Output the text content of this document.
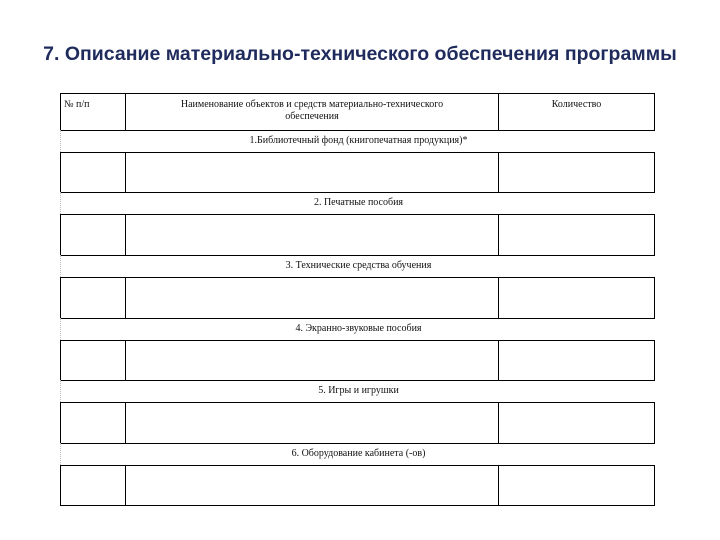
7. Описание материально-технического обеспечения программы
№ п/п	Наименование объектов и средств материально-технического обеспечения
Количество
1.Библиотечный фонд (книгопечатная продукция)*
2. Печатные пособия
3. Технические средства обучения
4. Экранно-звуковые пособия
5. Игры и игрушки
6. Оборудование кабинета (-ов)
